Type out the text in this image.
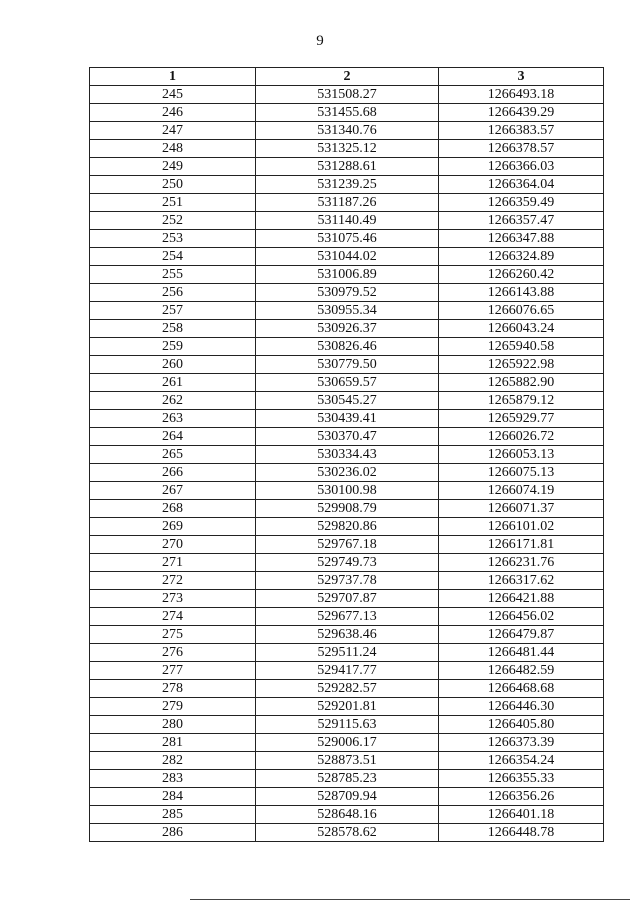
9
1	2	3
245	531508.27	1266493.18
246	531455.68	1266439.29
247	531340.76	1266383.57
248	531325.12	1266378.57
249	531288.61	1266366.03
250	531239.25	1266364.04
251	531187.26	1266359.49
252	531140.49	1266357.47
253	531075.46	1266347.88
254	531044.02	1266324.89
255	531006.89	1266260.42
256	530979.52	1266143.88
257	530955.34	1266076.65
258	530926.37	1266043.24
259	530826.46	1265940.58
260	530779.50	1265922.98
261	530659.57	1265882.90
262	530545.27	1265879.12
263	530439.41	1265929.77
264	530370.47	1266026.72
265	530334.43	1266053.13
266	530236.02	1266075.13
267	530100.98	1266074.19
268	529908.79	1266071.37
269	529820.86	1266101.02
270	529767.18	1266171.81
271	529749.73	1266231.76
272	529737.78	1266317.62
273	529707.87	1266421.88
274	529677.13	1266456.02
275	529638.46	1266479.87
276	529511.24	1266481.44
277	529417.77	1266482.59
278	529282.57	1266468.68
279	529201.81	1266446.30
280	529115.63	1266405.80
281	529006.17	1266373.39
282	528873.51	1266354.24
283	528785.23	1266355.33
284	528709.94	1266356.26
285	528648.16	1266401.18
286	528578.62	1266448.78
